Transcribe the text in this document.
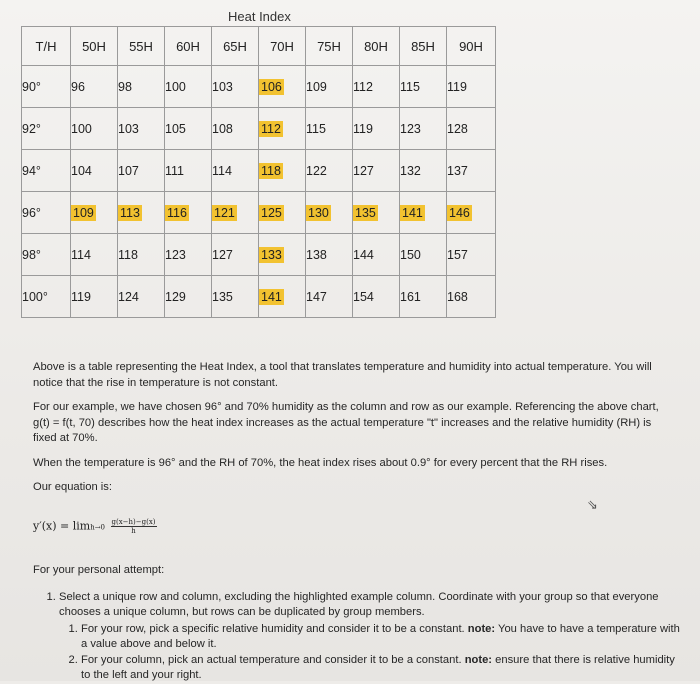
Heat Index
T/H	50H	55H	60H	65H	70H	75H	80H	85H	90H
90°	96	98	100	103	106	109	112	115	119
92°	100	103	105	108	112	115	119	123	128
94°	104	107	111	114	118	122	127	132	137
96°	109	113	116	121	125	130	135	141	146
98°	114	118	123	127	133	138	144	150	157
100°	119	124	129	135	141	147	154	161	168

Above is a table representing the Heat Index, a tool that translates temperature and humidity into actual temperature. You will notice that the rise in temperature is not constant.

For our example, we have chosen 96° and 70% humidity as the column and row as our example. Referencing the above chart, g(t) = f(t, 70) describes how the heat index increases as the actual temperature "t" increases and the relative humidity (RH) is fixed at 70%.

When the temperature is 96° and the RH of 70%, the heat index rises about 0.9° for every percent that the RH rises.

Our equation is:

⇘
$y'(x) = \lim h\to 0 \frac{g(x-h)-g(x)}{h}$

For your personal attempt:

1. Select a unique row and column, excluding the highlighted example column. Coordinate with your group so that everyone chooses a unique column, but rows can be duplicated by group members.
1. For your row, pick a specific relative humidity and consider it to be a constant. note: You have to have a temperature with a value above and below it.
2. For your column, pick an actual temperature and consider it to be a constant. note: ensure that there is relative humidity to the left and your right.
